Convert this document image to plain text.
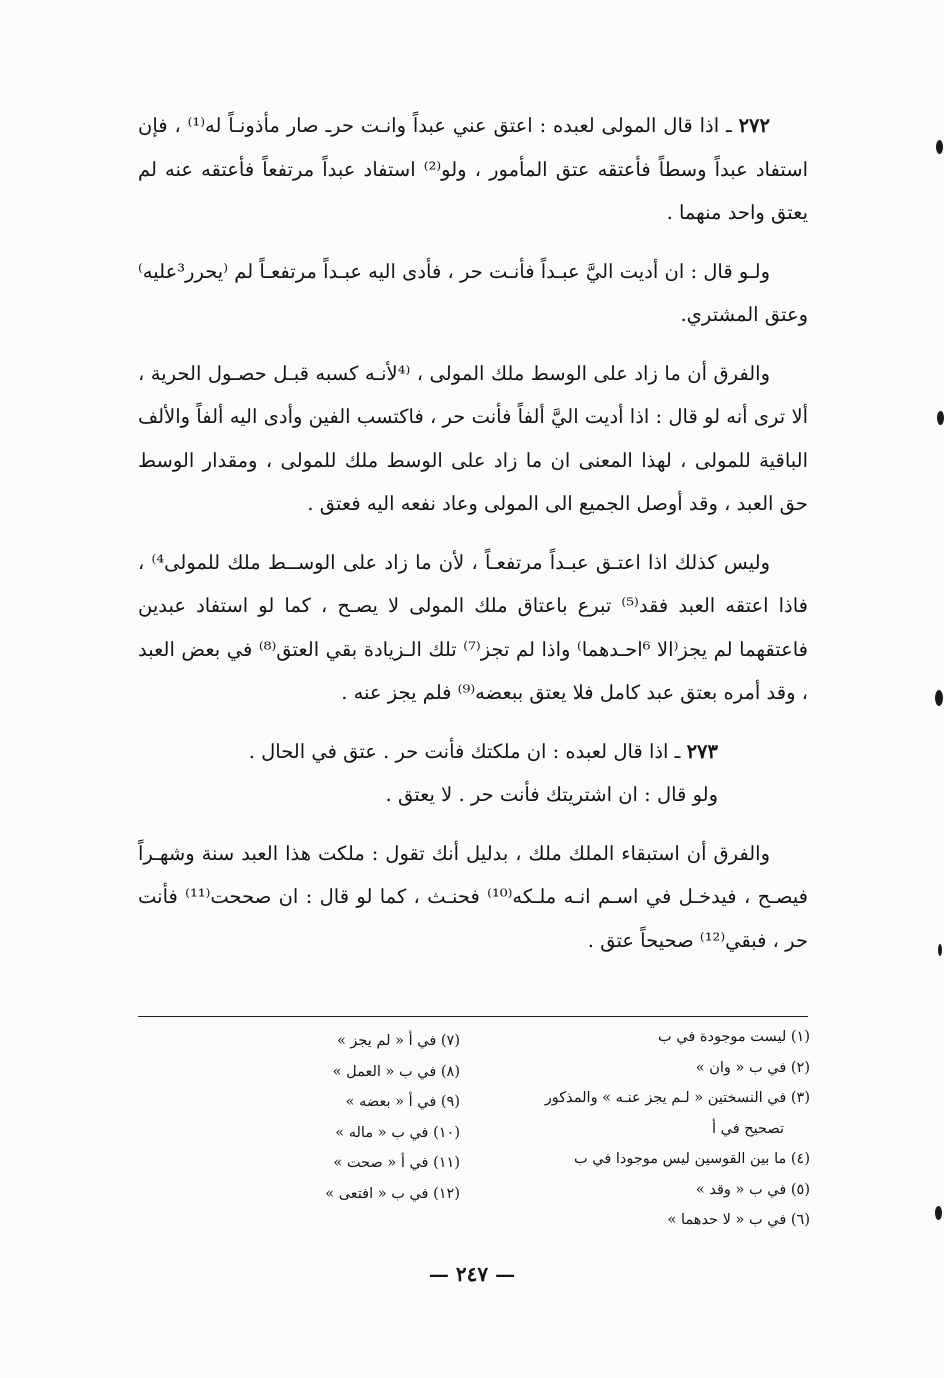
٢٧٢ ـ اذا قال المولى لعبده : اعتق عني عبداً وانـت حرـ صار مأذونـاً له⁽¹⁾ ، فإن استفاد عبداً وسطاً فأعتقه عتق المأمور ، ولو⁽²⁾ استفاد عبداً مرتفعاً فأعتقه عنه لم يعتق واحد منهما .

ولـو قال : ان أديت اليَّ عبـداً فأنـت حر ، فأدى اليه عبـداً مرتفعـاً لم ⁽يحرر³عليه⁾ وعتق المشتري.

والفرق أن ما زاد على الوسط ملك المولى ، ⁽⁴لأنـه كسبه قبـل حصـول الحرية ، ألا ترى أنه لو قال : اذا أديت اليَّ ألفاً فأنت حر ، فاكتسب الفين وأدى اليه ألفاً والألف الباقية للمولى ، لهذا المعنى ان ما زاد على الوسط ملك للمولى ، ومقدار الوسط حق العبد ، وقد أوصل الجميع الى المولى وعاد نفعه اليه فعتق .

وليس كذلك اذا اعتـق عبـداً مرتفعـاً ، لأن ما زاد على الوســط ملك للمولى⁴⁾ ، فاذا اعتقه العبد فقد⁽⁵⁾ تبرع باعتاق ملك المولى لا يصـح ، كما لو استفاد عبدين فاعتقهما لم يجز⁽الا ⁶احـدهما⁾ واذا لم تجز⁽⁷⁾ تلك الـزيادة بقي العتق⁽⁸⁾ في بعض العبد ، وقد أمره بعتق عبد كامل فلا يعتق ببعضه⁽⁹⁾ فلم يجز عنه .

٢٧٣ ـ اذا قال لعبده : ان ملكتك فأنت حر . عتق في الحال .

ولو قال : ان اشتريتك فأنت حر . لا يعتق .

والفرق أن استبقاء الملك ملك ، بدليل أنك تقول : ملكت هذا العبد سنة وشهـراً فيصـح ، فيدخـل في اسـم انـه ملـكه⁽¹⁰⁾ فحنـث ، كما لو قال : ان صححت⁽¹¹⁾ فأنت حر ، فبقي⁽¹²⁾ صحيحاً عتق .

(١) ليست موجودة في ب

(٢) في ب « وان »

(٣) في النسختين « لـم يجز عنـه » والمذكور

تصحيح في أ

(٤) ما بين القوسين ليس موجودا في ب

(٥) في ب « وقد »

(٦) في ب « لا حدهما »

(٧) في أ « لم يجز »

(٨) في ب « العمل »

(٩) في أ « بعضه »

(١٠) في ب « ماله »

(١١) في أ « صحت »

(١٢) في ب « افتعى »

— ٢٤٧ —
